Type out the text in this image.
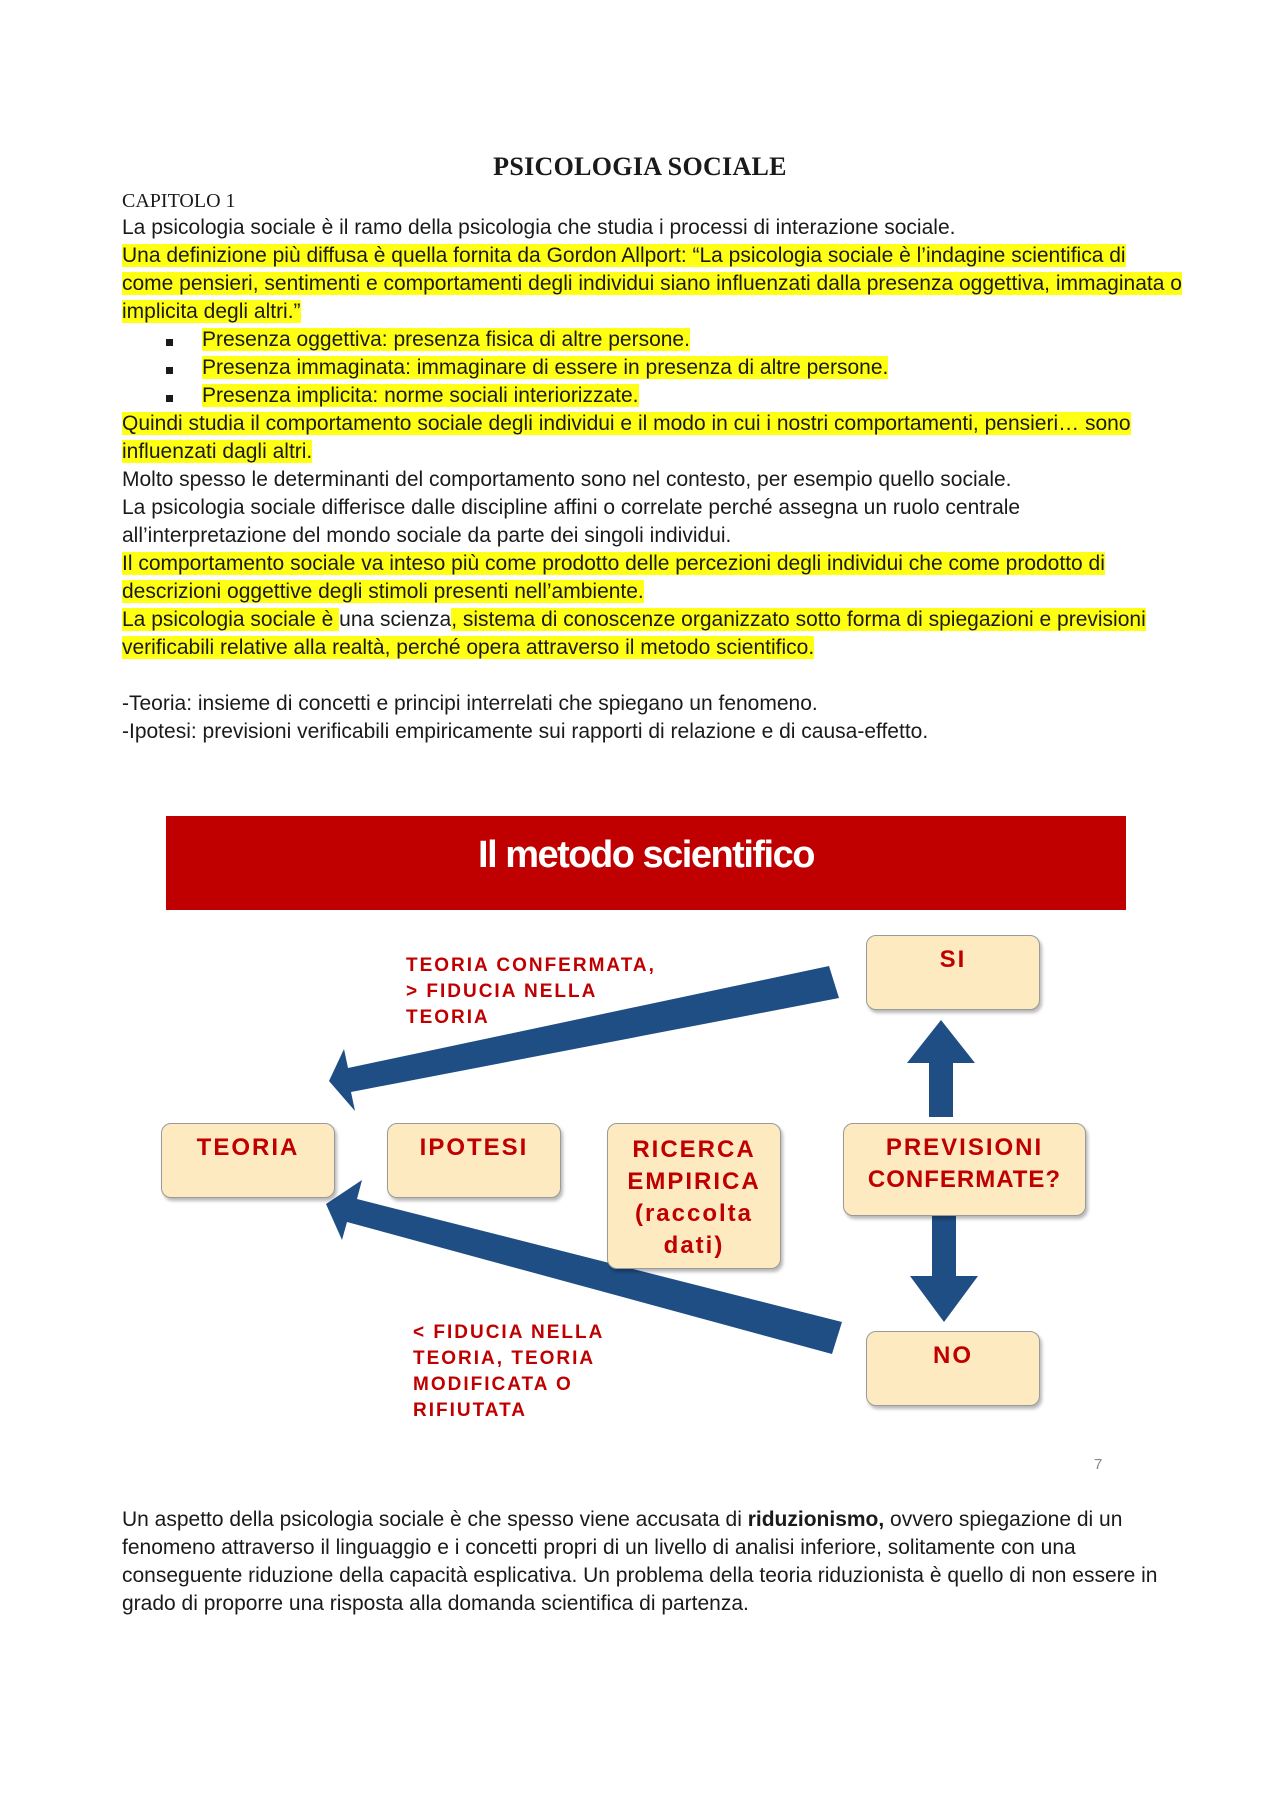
PSICOLOGIA SOCIALE
CAPITOLO 1
La psicologia sociale è il ramo della psicologia che studia i processi di interazione sociale.
Una definizione più diffusa è quella fornita da Gordon Allport: “La psicologia sociale è l’indagine scientifica di come pensieri, sentimenti e comportamenti degli individui siano influenzati dalla presenza oggettiva, immaginata o implicita degli altri.”
Presenza oggettiva: presenza fisica di altre persone.
Presenza immaginata: immaginare di essere in presenza di altre persone.
Presenza implicita: norme sociali interiorizzate.
Quindi studia il comportamento sociale degli individui e il modo in cui i nostri comportamenti, pensieri… sono influenzati dagli altri.
Molto spesso le determinanti del comportamento sono nel contesto, per esempio quello sociale.
La psicologia sociale differisce dalle discipline affini o correlate perché assegna un ruolo centrale all’interpretazione del mondo sociale da parte dei singoli individui.
Il comportamento sociale va inteso più come prodotto delle percezioni degli individui che come prodotto di descrizioni oggettive degli stimoli presenti nell’ambiente.
La psicologia sociale è una scienza, sistema di conoscenze organizzato sotto forma di spiegazioni e previsioni verificabili relative alla realtà, perché opera attraverso il metodo scientifico.
-Teoria: insieme di concetti e principi interrelati che spiegano un fenomeno.
-Ipotesi: previsioni verificabili empiricamente sui rapporti di relazione e di causa-effetto.
Il metodo scientifico
TEORIA	IPOTESI	RICERCA
EMPIRICA
(raccolta
dati)
PREVISIONI
CONFERMATE?
SI
NO
TEORIA CONFERMATA,
> FIDUCIA NELLA
TEORIA
< FIDUCIA NELLA
TEORIA, TEORIA
MODIFICATA O
RIFIUTATA
7
Un aspetto della psicologia sociale è che spesso viene accusata di riduzionismo, ovvero spiegazione di un fenomeno attraverso il linguaggio e i concetti propri di un livello di analisi inferiore, solitamente con una conseguente riduzione della capacità esplicativa. Un problema della teoria riduzionista è quello di non essere in grado di proporre una risposta alla domanda scientifica di partenza.
